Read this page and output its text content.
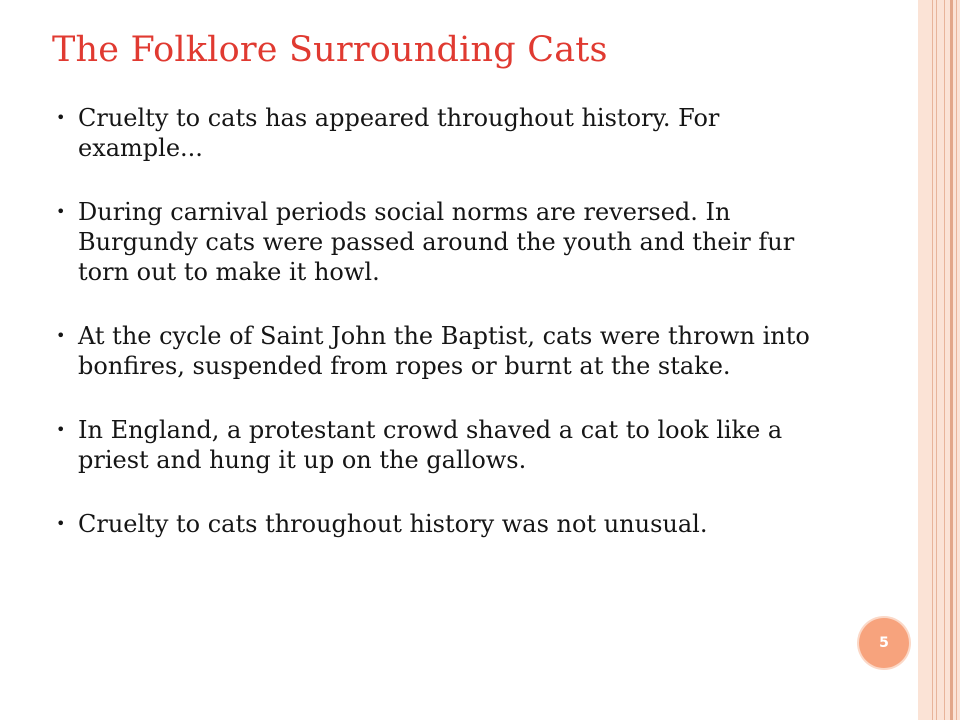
The Folklore Surrounding Cats
• Cruelty to cats has appeared throughout history. For example...
• During carnival periods social norms are reversed. In Burgundy cats were passed around the youth and their fur torn out to make it howl.
• At the cycle of Saint John the Baptist, cats were thrown into bonfires, suspended from ropes or burnt at the stake.
• In England, a protestant crowd shaved a cat to look like a priest and hung it up on the gallows.
• Cruelty to cats throughout history was not unusual.
5
